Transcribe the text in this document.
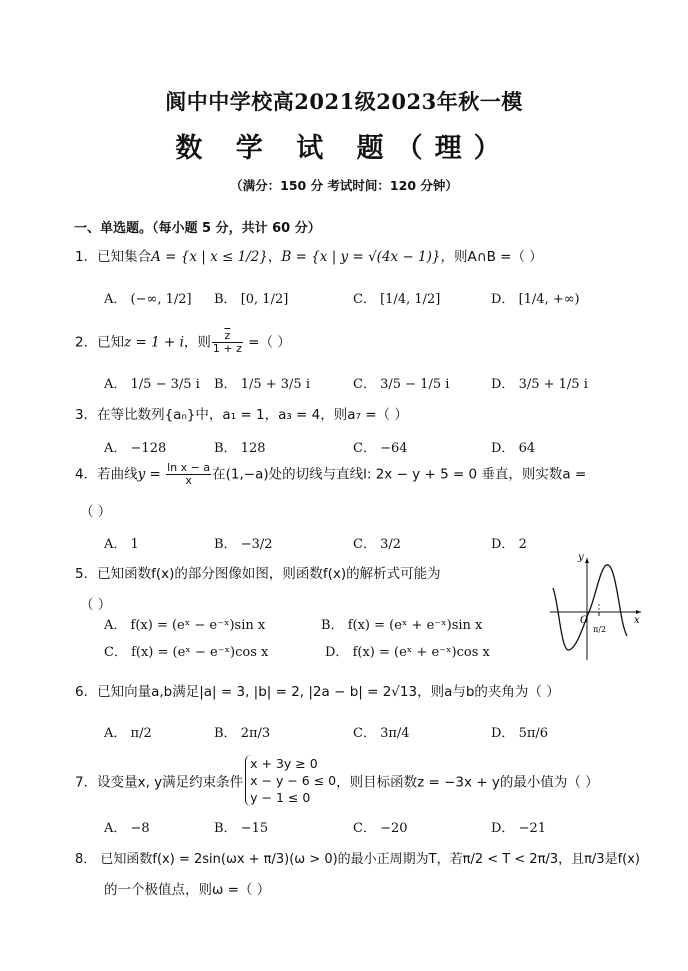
阆中中学校高2021级2023年秋一模
数 学 试 题（理）
（满分：150 分 考试时间：120 分钟）
一、单选题。（每小题 5 分，共计 60 分）
1．已知集合A = {x | x ≤ 1/2}，B = {x | y = √(4x − 1)}，则A∩B =（ ）
A． (−∞, 1/2] B． [0, 1/2]	C． [1/4, 1/2]	D． [1/4, +∞)
2．已知z = 1 + i，则 $\frac{\overline{z}}{1 + z}$ =（ ）
A． 1/5 − 3/5 i B． 1/5 + 3/5 i	C． 3/5 − 1/5 i	D． 3/5 + 1/5 i
3．在等比数列{aₙ}中，a₁ = 1，a₃ = 4，则a₇ =（ ）
A． −128	B． 128	C． −64	D． 64
4．若曲线$y = \frac{\text{ln x − a}}{x}$ 在(1,−a)处的切线与直线l: 2x − y + 5 = 0 垂直，则实数a =
（ ）
A． 1	B． −3/2	C． 3/2	D． 2
5．已知函数f(x)的部分图像如图，则函数f(x)的解析式可能为
（ ）
A． f(x) = (eˣ − e⁻ˣ)sin x	B． f(x) = (eˣ + e⁻ˣ)sin x
C． f(x) = (eˣ − e⁻ˣ)cos x	D． f(x) = (eˣ + e⁻ˣ)cos x
y
x
O
π/2
6．已知向量a,b满足|a| = 3, |b| = 2, |2a − b| = 2√13，则a与b的夹角为（ ）
A． π/2	B． 2π/3	C． 3π/4	D． 5π/6
7．设变量x, y满足约束条件
x + 3y ≥ 0
x − y − 6 ≤ 0
y − 1 ≤ 0
，则目标函数z = −3x + y的最小值为（ ）
A． −8	B． −15	C． −20	D． −21
8． 已知函数f(x) = 2sin(ωx + π/3)(ω > 0)的最小正周期为T，若π/2 < T < 2π/3，且π/3是f(x)
的一个极值点，则ω =（ ）
